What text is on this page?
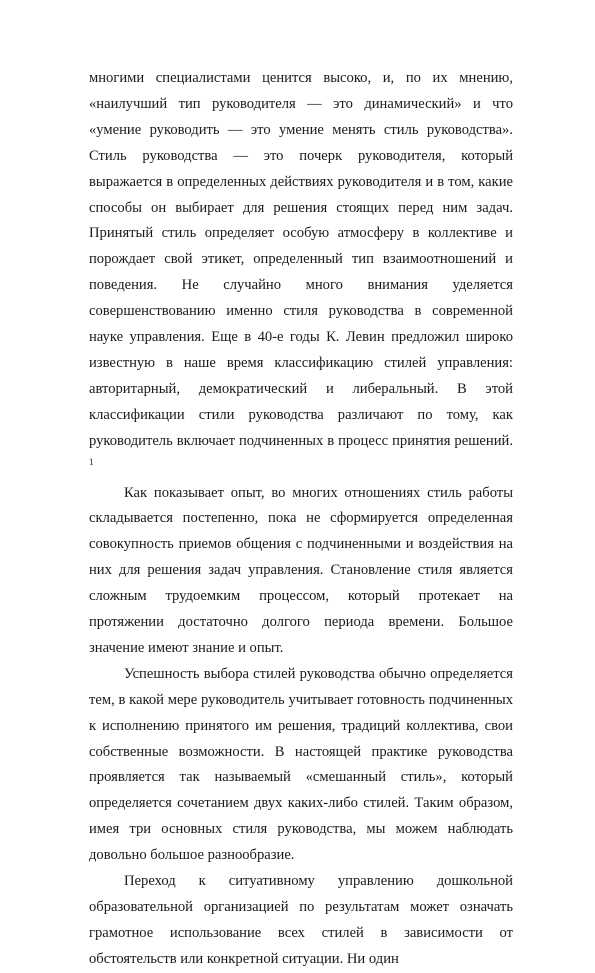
многими специалистами ценится высоко, и, по их мнению, «наилучший тип руководителя — это динамический» и что «умение руководить — это умение менять стиль руководства». Стиль руководства — это почерк руководителя, который выражается в определенных действиях руководителя и в том, какие способы он выбирает для решения стоящих перед ним задач. Принятый стиль определяет особую атмосферу в коллективе и порождает свой этикет, определенный тип взаимоотношений и поведения. Не случайно много внимания уделяется совершенствованию именно стиля руководства в современной науке управления. Еще в 40-е годы К. Левин предложил широко известную в наше время классификацию стилей управления: авторитарный, демократический и либеральный. В этой классификации стили руководства различают по тому, как руководитель включает подчиненных в процесс принятия решений. $^1$

Как показывает опыт, во многих отношениях стиль работы складывается постепенно, пока не сформируется определенная совокупность приемов общения с подчиненными и воздействия на них для решения задач управления. Становление стиля является сложным трудоемким процессом, который протекает на протяжении достаточно долгого периода времени. Большое значение имеют знание и опыт.

Успешность выбора стилей руководства обычно определяется тем, в какой мере руководитель учитывает готовность подчиненных к исполнению принятого им решения, традиций коллектива, свои собственные возможности. В настоящей практике руководства проявляется так называемый «смешанный стиль», который определяется сочетанием двух каких-либо стилей. Таким образом, имея три основных стиля руководства, мы можем наблюдать довольно большое разнообразие.

Переход к ситуативному управлению дошкольной образовательной организацией по результатам может означать грамотное использование всех стилей в зависимости от обстоятельств или конкретной ситуации. Ни один
